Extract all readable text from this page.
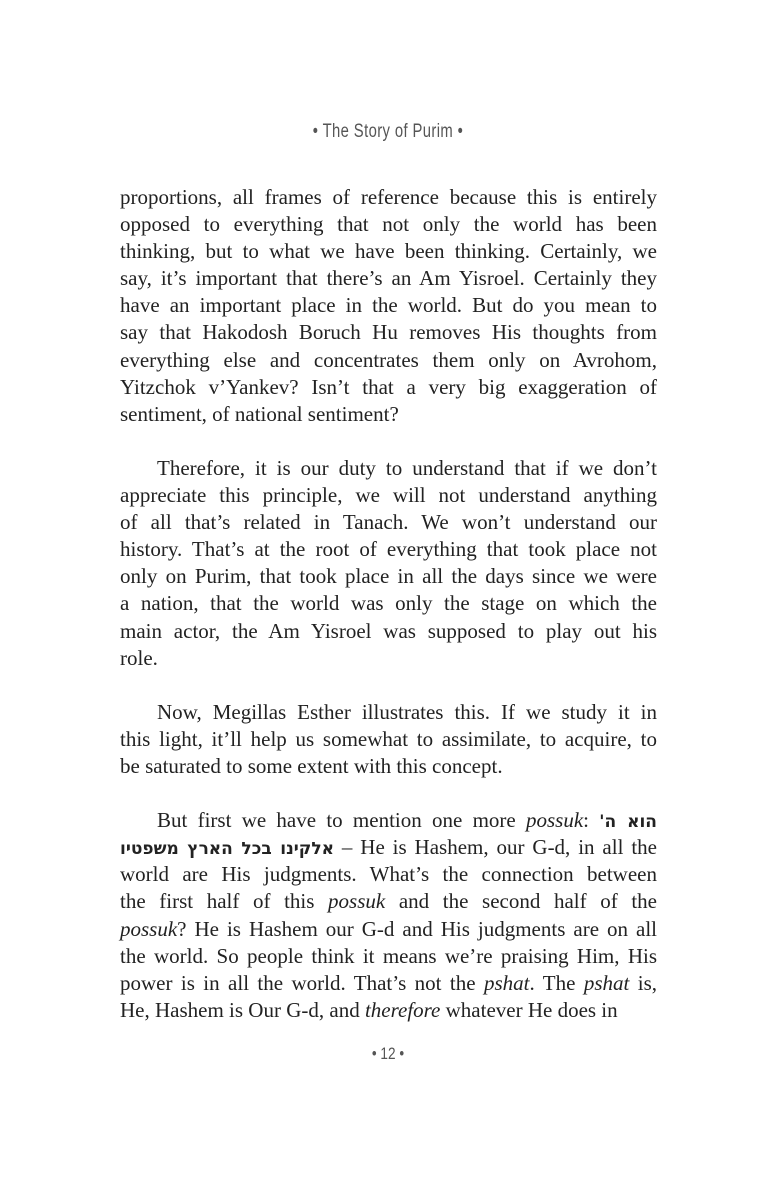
• The Story of Purim •
proportions, all frames of reference because this is entirely
opposed to everything that not only the world has been
thinking, but to what we have been thinking. Certainly, we
say, it’s important that there’s an Am Yisroel. Certainly they
have an important place in the world. But do you mean to
say that Hakodosh Boruch Hu removes His thoughts from
everything else and concentrates them only on Avrohom,
Yitzchok v’Yankev? Isn’t that a very big exaggeration of
sentiment, of national sentiment?
Therefore, it is our duty to understand that if we don’t
appreciate this principle, we will not understand anything
of all that’s related in Tanach. We won’t understand our
history. That’s at the root of everything that took place not
only on Purim, that took place in all the days since we were
a nation, that the world was only the stage on which the
main actor, the Am Yisroel was supposed to play out his
role.
Now, Megillas Esther illustrates this. If we study it in
this light, it’ll help us somewhat to assimilate, to acquire, to
be saturated to some extent with this concept.
But first we have to mention one more possuk: הוא ה'
אלקינו בכל הארץ משפטיו – He is Hashem, our G-d, in all the
world are His judgments. What’s the connection between
the first half of this possuk and the second half of the
possuk? He is Hashem our G-d and His judgments are on all
the world. So people think it means we’re praising Him, His
power is in all the world. That’s not the pshat. The pshat is,
He, Hashem is Our G-d, and therefore whatever He does in
• 12 •
